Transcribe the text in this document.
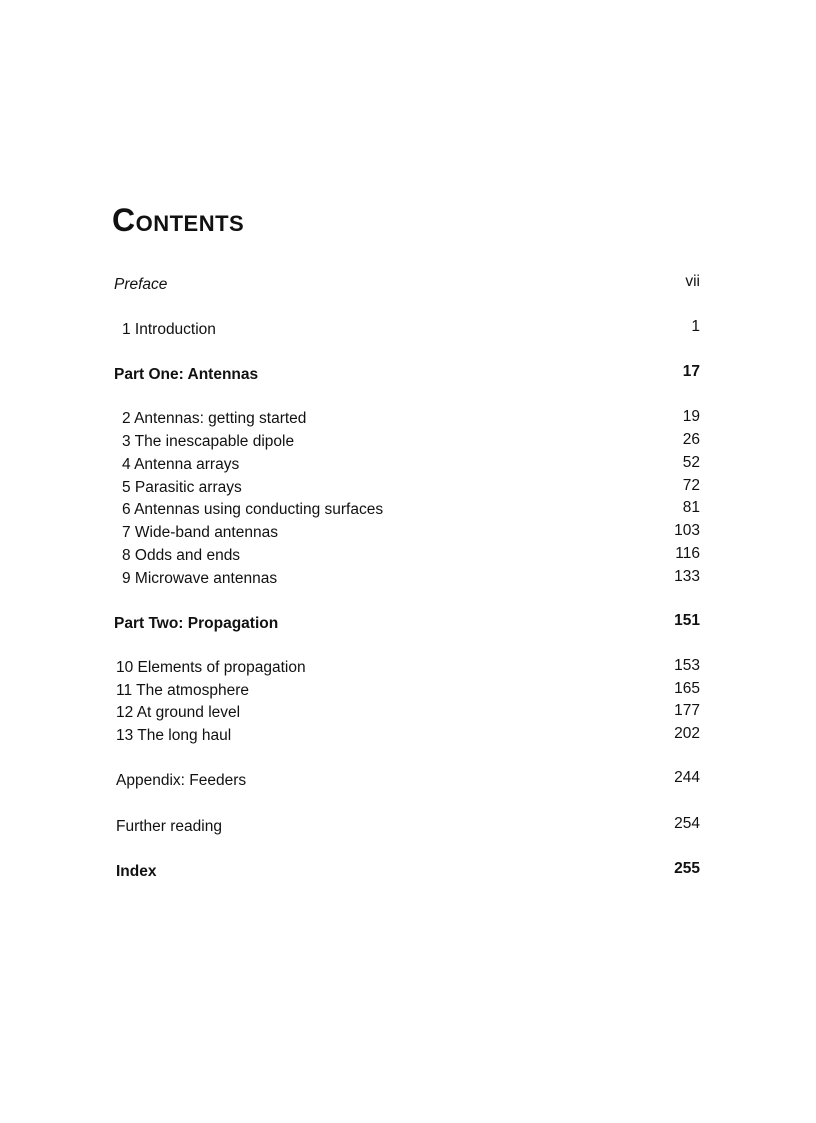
Contents
Preface	vii
1 Introduction	1
Part One: Antennas	17
2 Antennas: getting started	19
3 The inescapable dipole	26
4 Antenna arrays	52
5 Parasitic arrays	72
6 Antennas using conducting surfaces	81
7 Wide-band antennas	103
8 Odds and ends	116
9 Microwave antennas	133
Part Two: Propagation	151
10 Elements of propagation	153
11 The atmosphere	165
12 At ground level	177
13 The long haul	202
Appendix: Feeders	244
Further reading	254
Index	255
